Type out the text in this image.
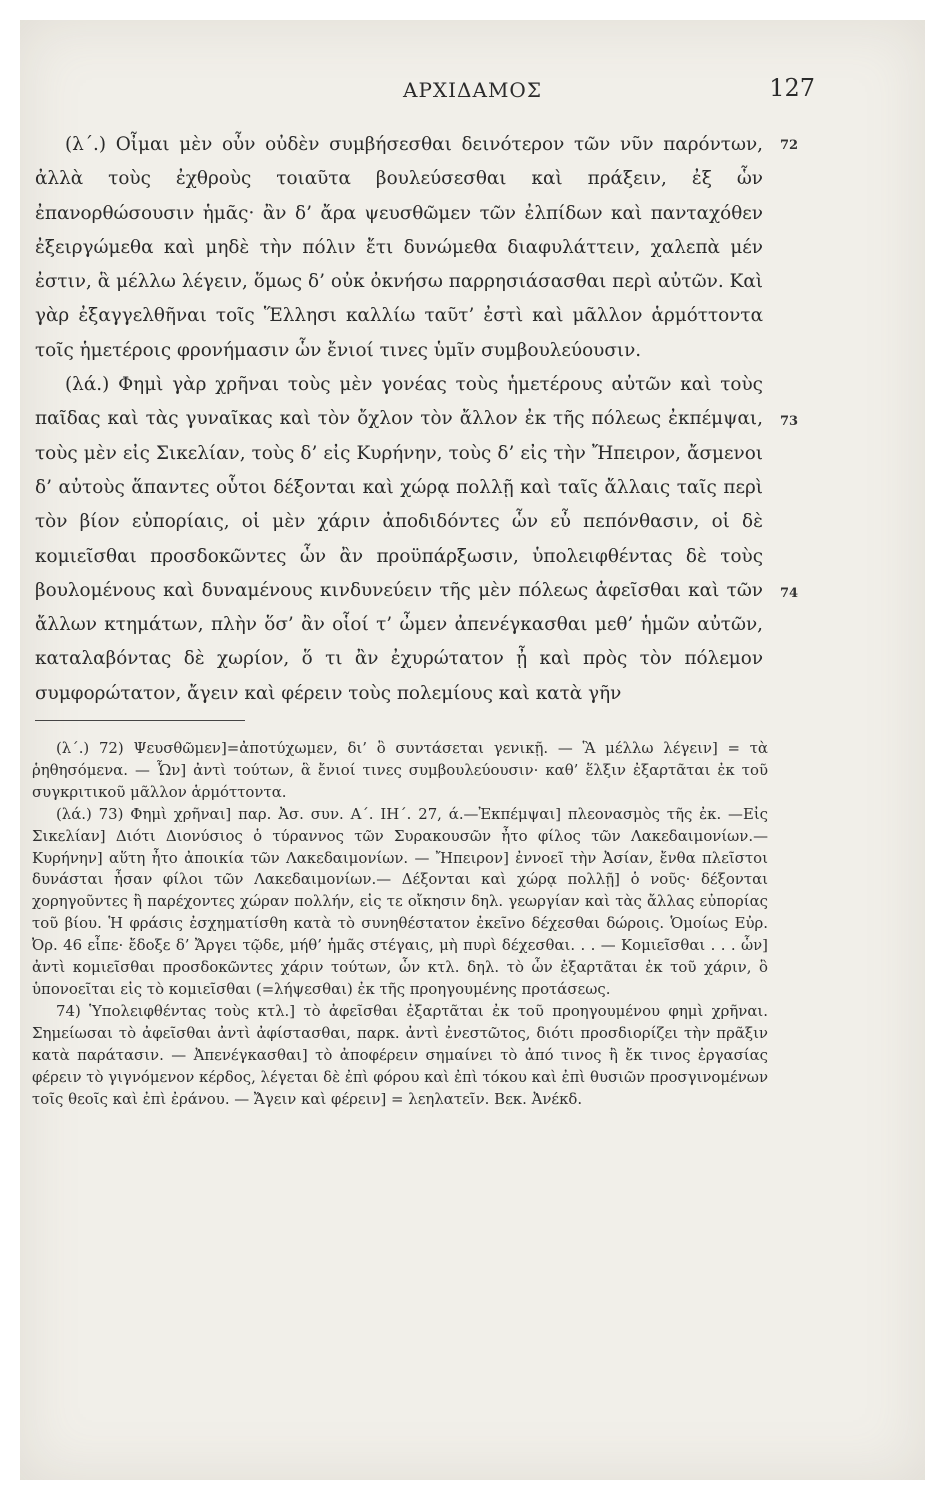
ΑΡΧΙΔΑΜΟΣ	127
72
73
74

(λ΄.) Οἶμαι μὲν οὖν οὐδὲν συμβήσεσθαι δεινότερον τῶν νῦν παρόντων, ἀλλὰ τοὺς ἐχθροὺς τοιαῦτα βουλεύσεσθαι καὶ πράξειν, ἐξ ὧν ἐπανορθώσουσιν ἡμᾶς· ἂν δ’ ἄρα ψευσθῶμεν τῶν ἐλπίδων καὶ πανταχόθεν ἐξειργώμεθα καὶ μηδὲ τὴν πόλιν ἔτι δυνώμεθα διαφυλάττειν, χαλεπὰ μέν ἐστιν, ἃ μέλλω λέγειν, ὅμως δ’ οὐκ ὀκνήσω παρρησιάσασθαι περὶ αὐτῶν. Καὶ γὰρ ἐξαγγελθῆναι τοῖς Ἕλλησι καλλίω ταῦτ’ ἐστὶ καὶ μᾶλλον ἁρμόττοντα τοῖς ἡμετέροις φρονήμασιν ὧν ἔνιοί τινες ὑμῖν συμβουλεύουσιν.

(λά.) Φημὶ γὰρ χρῆναι τοὺς μὲν γονέας τοὺς ἡμετέρους αὐτῶν καὶ τοὺς παῖδας καὶ τὰς γυναῖκας καὶ τὸν ὄχλον τὸν ἄλλον ἐκ τῆς πόλεως ἐκπέμψαι, τοὺς μὲν εἰς Σικελίαν, τοὺς δ’ εἰς Κυρήνην, τοὺς δ’ εἰς τὴν Ἤπειρον, ἄσμενοι δ’ αὐτοὺς ἅπαντες οὗτοι δέξονται καὶ χώρᾳ πολλῇ καὶ ταῖς ἄλλαις ταῖς περὶ τὸν βίον εὐπορίαις, οἱ μὲν χάριν ἀποδιδόντες ὧν εὖ πεπόνθασιν, οἱ δὲ κομιεῖσθαι προσδοκῶντες ὧν ἂν προϋπάρξωσιν, ὑπολειφθέντας δὲ τοὺς βουλομένους καὶ δυναμένους κινδυνεύειν τῆς μὲν πόλεως ἀφεῖσθαι καὶ τῶν ἄλλων κτημάτων, πλὴν ὅσ’ ἂν οἷοί τ’ ὦμεν ἀπενέγκασθαι μεθ’ ἡμῶν αὐτῶν, καταλαβόντας δὲ χωρίον, ὅ τι ἂν ἐχυρώτατον ᾖ καὶ πρὸς τὸν πόλεμον συμφορώτατον, ἄγειν καὶ φέρειν τοὺς πολεμίους καὶ κατὰ γῆν

(λ΄.) 72) Ψευσθῶμεν]=ἀποτύχωμεν, δι’ ὃ συντάσεται γενικῇ. — Ἃ μέλλω λέγειν] = τὰ ῥηθησόμενα. — Ὧν] ἀντὶ τούτων, ἃ ἔνιοί τινες συμβουλεύουσιν· καθ’ ἕλξιν ἐξαρτᾶται ἐκ τοῦ συγκριτικοῦ μᾶλλον ἁρμόττοντα.

(λά.) 73) Φημὶ χρῆναι] παρ. Ἀσ. συν. Α΄. ΙΗ΄. 27, ά.—Ἐκπέμψαι] πλεονασμὸς τῆς ἐκ. —Εἰς Σικελίαν] Διότι Διονύσιος ὁ τύραννος τῶν Συρακουσῶν ἦτο φίλος τῶν Λακεδαιμονίων.—Κυρήνην] αὕτη ἦτο ἀποικία τῶν Λακεδαιμονίων. — Ἤπειρον] ἐννοεῖ τὴν Ἀσίαν, ἔνθα πλεῖστοι δυνάσται ἦσαν φίλοι τῶν Λακεδαιμονίων.— Δέξονται καὶ χώρᾳ πολλῇ] ὁ νοῦς· δέξονται χορηγοῦντες ἢ παρέχοντες χώραν πολλήν, εἰς τε οἴκησιν δηλ. γεωργίαν καὶ τὰς ἄλλας εὐπορίας τοῦ βίου. Ἡ φράσις ἐσχηματίσθη κατὰ τὸ συνηθέστατον ἐκεῖνο δέχεσθαι δώροις. Ὁμοίως Εὐρ. Ὀρ. 46 εἶπε· ἔδοξε δ’ Ἄργει τῷδε, μήθ’ ἡμᾶς στέγαις, μὴ πυρὶ δέχεσθαι. . . — Κομιεῖσθαι . . . ὧν] ἀντὶ κομιεῖσθαι προσδοκῶντες χάριν τούτων, ὧν κτλ. δηλ. τὸ ὧν ἐξαρτᾶται ἐκ τοῦ χάριν, ὃ ὑπονοεῖται εἰς τὸ κομιεῖσθαι (=λήψεσθαι) ἐκ τῆς προηγουμένης προτάσεως.

74) Ὑπολειφθέντας τοὺς κτλ.] τὸ ἀφεῖσθαι ἐξαρτᾶται ἐκ τοῦ προηγουμένου φημὶ χρῆναι. Σημείωσαι τὸ ἀφεῖσθαι ἀντὶ ἀφίστασθαι, παρκ. ἀντὶ ἐνεστῶτος, διότι προσδιορίζει τὴν πρᾶξιν κατὰ παράτασιν. — Ἀπενέγκασθαι] τὸ ἀποφέρειν σημαίνει τὸ ἀπό τινος ἢ ἔκ τινος ἐργασίας φέρειν τὸ γιγνόμενον κέρδος, λέγεται δὲ ἐπὶ φόρου καὶ ἐπὶ τόκου καὶ ἐπὶ θυσιῶν προσγινομένων τοῖς θεοῖς καὶ ἐπὶ ἐράνου. — Ἄγειν καὶ φέρειν] = λεηλατεῖν. Βεκ. Ἀνέκδ.
